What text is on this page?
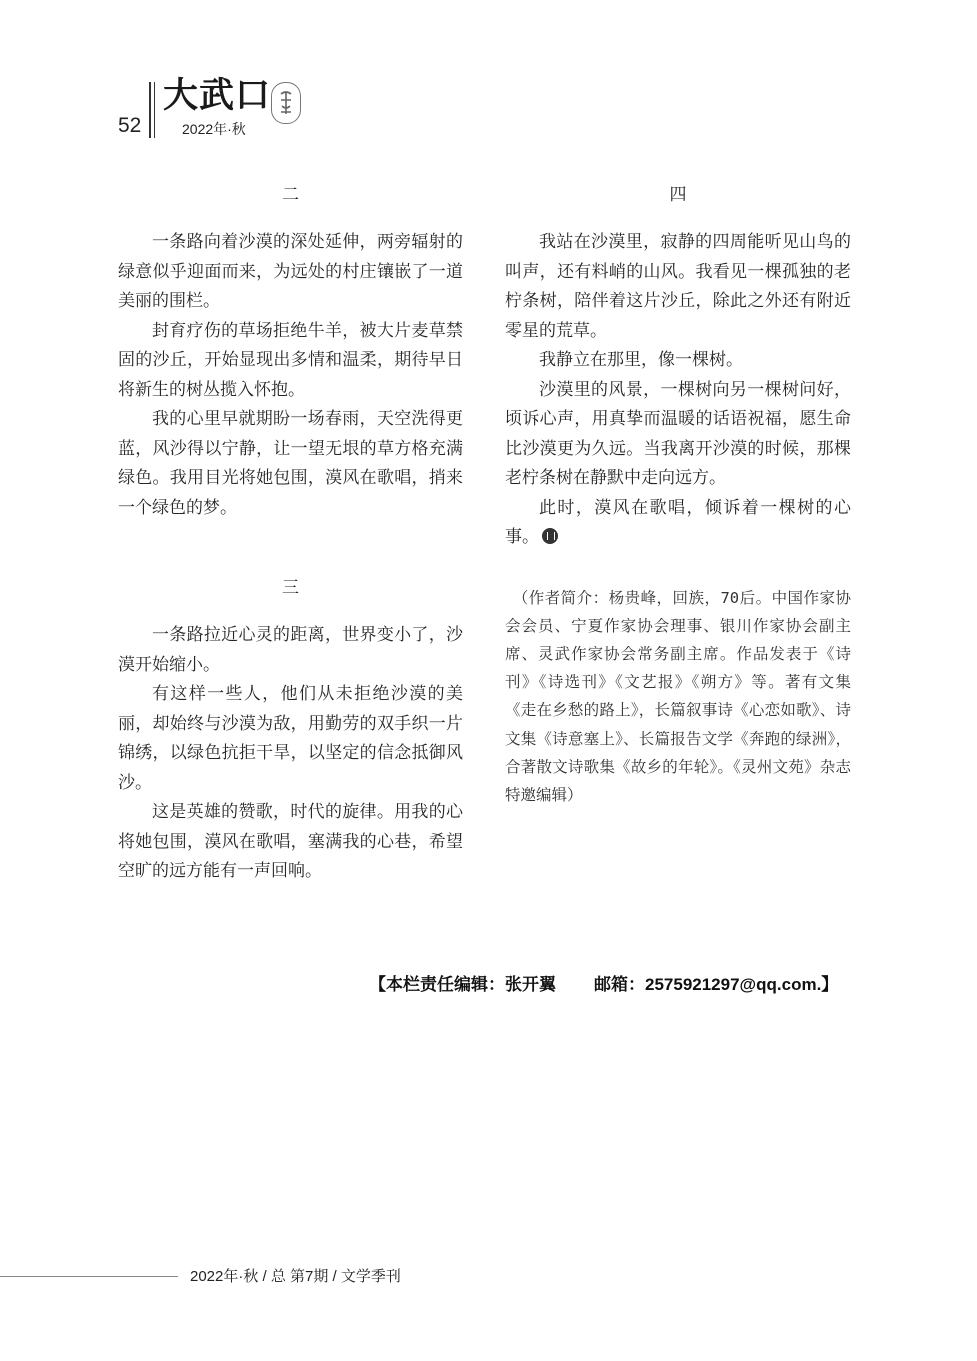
52
大武口
2022年·秋
二

一条路向着沙漠的深处延伸，两旁辐射的绿意似乎迎面而来，为远处的村庄镶嵌了一道美丽的围栏。

封育疗伤的草场拒绝牛羊，被大片麦草禁固的沙丘，开始显现出多情和温柔，期待早日将新生的树丛揽入怀抱。

我的心里早就期盼一场春雨，天空洗得更蓝，风沙得以宁静，让一望无垠的草方格充满绿色。我用目光将她包围，漠风在歌唱，捎来一个绿色的梦。

三

一条路拉近心灵的距离，世界变小了，沙漠开始缩小。

有这样一些人，他们从未拒绝沙漠的美丽，却始终与沙漠为敌，用勤劳的双手织一片锦绣，以绿色抗拒干旱，以坚定的信念抵御风沙。

这是英雄的赞歌，时代的旋律。用我的心将她包围，漠风在歌唱，塞满我的心巷，希望空旷的远方能有一声回响。

四

我站在沙漠里，寂静的四周能听见山鸟的叫声，还有料峭的山风。我看见一棵孤独的老柠条树，陪伴着这片沙丘，除此之外还有附近零星的荒草。

我静立在那里，像一棵树。

沙漠里的风景，一棵树向另一棵树问好，顷诉心声，用真挚而温暖的话语祝福，愿生命比沙漠更为久远。当我离开沙漠的时候，那棵老柠条树在静默中走向远方。

此时，漠风在歌唱，倾诉着一棵树的心事。

（作者简介：杨贵峰，回族，70后。中国作家协会会员、宁夏作家协会理事、银川作家协会副主席、灵武作家协会常务副主席。作品发表于《诗刊》《诗选刊》《文艺报》《朔方》等。著有文集《走在乡愁的路上》，长篇叙事诗《心恋如歌》、诗文集《诗意塞上》、长篇报告文学《奔跑的绿洲》，合著散文诗歌集《故乡的年轮》。《灵州文苑》杂志特邀编辑）

【本栏责任编辑：张开翼 邮箱：2575921297@qq.com.】
2022年·秋 / 总 第7期 / 文学季刊
